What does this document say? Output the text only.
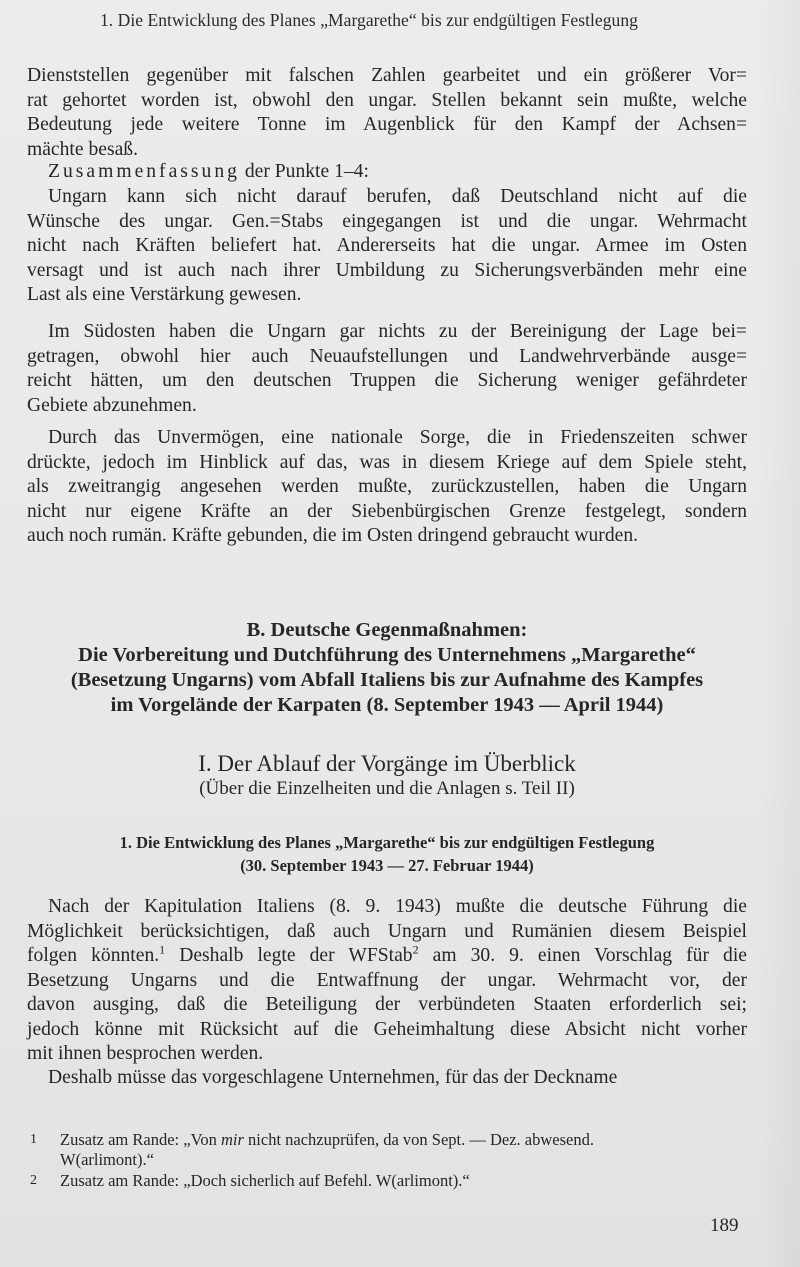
1. Die Entwicklung des Planes „Margarethe“ bis zur endgültigen Festlegung

Dienststellen gegenüber mit falschen Zahlen gearbeitet und ein größerer Vor=
rat gehortet worden ist, obwohl den ungar. Stellen bekannt sein mußte, welche
Bedeutung jede weitere Tonne im Augenblick für den Kampf der Achsen=
mächte besaß.

Zusammenfassung der Punkte 1–4:

Ungarn kann sich nicht darauf berufen, daß Deutschland nicht auf die
Wünsche des ungar. Gen.=Stabs eingegangen ist und die ungar. Wehrmacht
nicht nach Kräften beliefert hat. Andererseits hat die ungar. Armee im Osten
versagt und ist auch nach ihrer Umbildung zu Sicherungsverbänden mehr eine
Last als eine Verstärkung gewesen.

Im Südosten haben die Ungarn gar nichts zu der Bereinigung der Lage bei=
getragen, obwohl hier auch Neuaufstellungen und Landwehrverbände ausge=
reicht hätten, um den deutschen Truppen die Sicherung weniger gefährdeter
Gebiete abzunehmen.

Durch das Unvermögen, eine nationale Sorge, die in Friedenszeiten schwer
drückte, jedoch im Hinblick auf das, was in diesem Kriege auf dem Spiele steht,
als zweitrangig angesehen werden mußte, zurückzustellen, haben die Ungarn
nicht nur eigene Kräfte an der Siebenbürgischen Grenze festgelegt, sondern
auch noch rumän. Kräfte gebunden, die im Osten dringend gebraucht wurden.

B. Deutsche Gegenmaßnahmen:
Die Vorbereitung und Dutchführung des Unternehmens „Margarethe“
(Besetzung Ungarns) vom Abfall Italiens bis zur Aufnahme des Kampfes
im Vorgelände der Karpaten (8. September 1943 — April 1944)
I. Der Ablauf der Vorgänge im Überblick
(Über die Einzelheiten und die Anlagen s. Teil II)
1. Die Entwicklung des Planes „Margarethe“ bis zur endgültigen Festlegung
(30. September 1943 — 27. Februar 1944)

Nach der Kapitulation Italiens (8. 9. 1943) mußte die deutsche Führung die
Möglichkeit berücksichtigen, daß auch Ungarn und Rumänien diesem Beispiel
folgen könnten.$^1$ Deshalb legte der WFStab$^2$ am 30. 9. einen Vorschlag für die
Besetzung Ungarns und die Entwaffnung der ungar. Wehrmacht vor, der
davon ausging, daß die Beteiligung der verbündeten Staaten erforderlich sei;
jedoch könne mit Rücksicht auf die Geheimhaltung diese Absicht nicht vorher
mit ihnen besprochen werden.

Deshalb müsse das vorgeschlagene Unternehmen, für das der Deckname

1 Zusatz am Rande: „Von mir nicht nachzuprüfen, da von Sept. — Dez. abwesend.
W(arlimont).“
2 Zusatz am Rande: „Doch sicherlich auf Befehl. W(arlimont).“
189
